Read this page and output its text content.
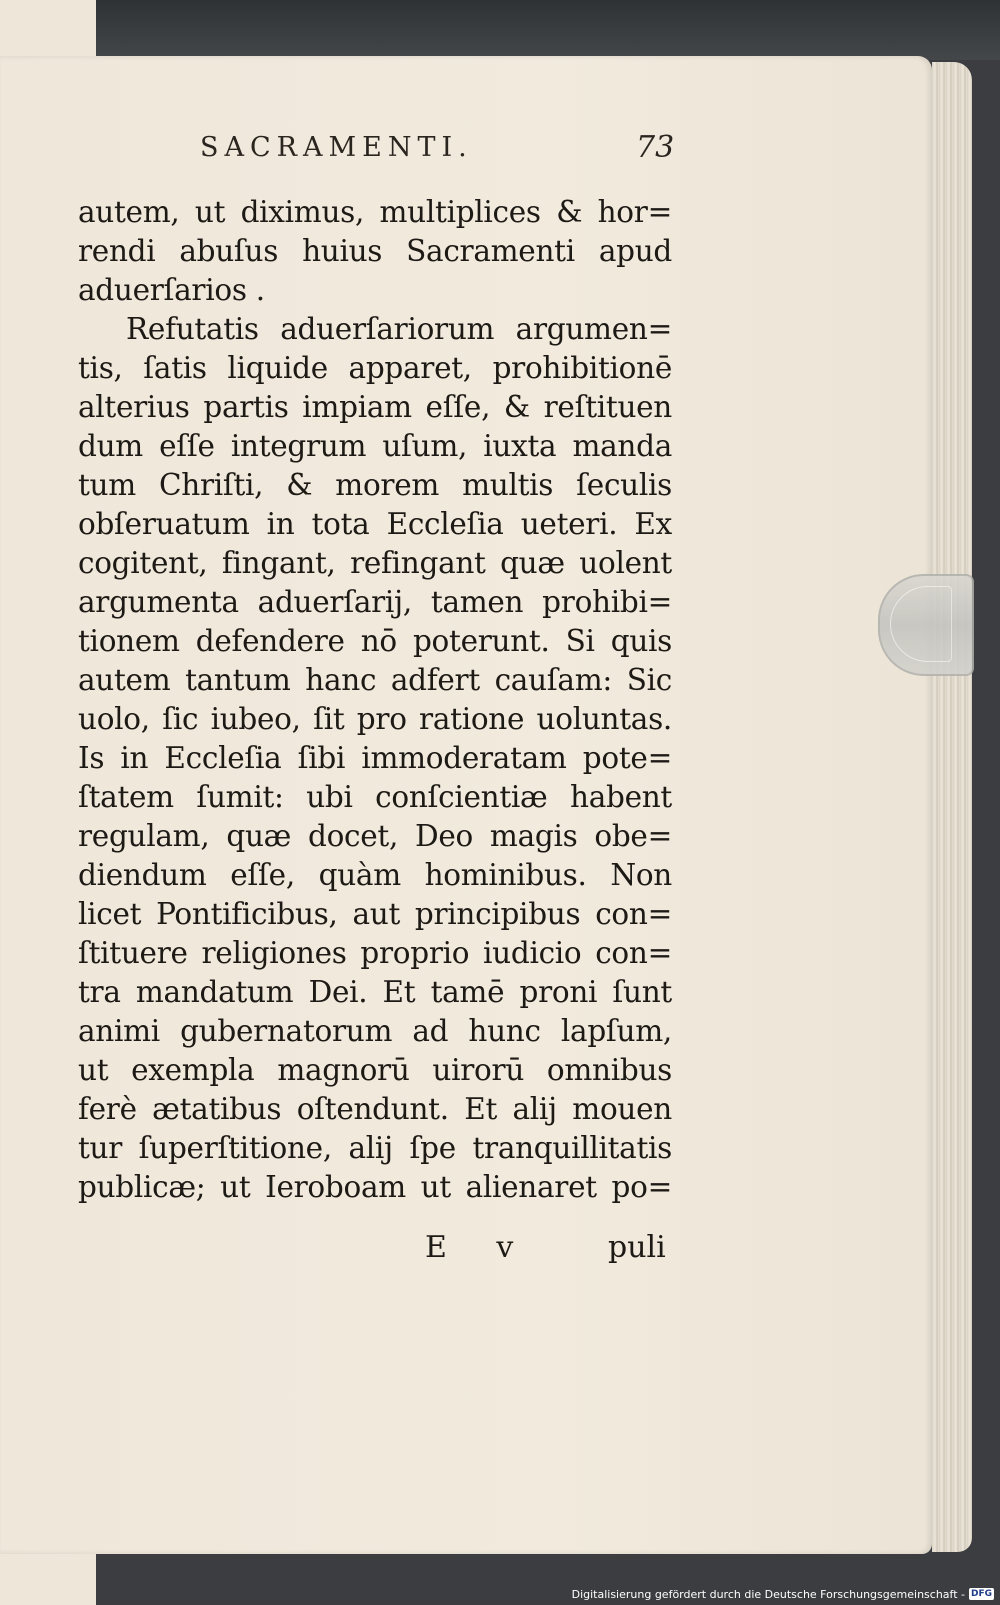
SACRAMENTI.	73
autem, ut diximus, multiplices & hor=
rendi abuſus huius Sacramenti apud
aduerſarios .
Refutatis aduerſariorum argumen=
tis, ſatis liquide apparet, prohibitionē
alterius partis impiam eſſe, & reſtituen
dum eſſe integrum uſum, iuxta manda
tum Chriſti, & morem multis ſeculis
obſeruatum in tota Eccleſia ueteri. Ex
cogitent, fingant, refingant quæ uolent
argumenta aduerſarij, tamen prohibi=
tionem defendere nō poterunt. Si quis
autem tantum hanc adfert cauſam: Sic
uolo, ſic iubeo, ſit pro ratione uoluntas.
Is in Eccleſia ſibi immoderatam pote=
ſtatem ſumit: ubi conſcientiæ habent
regulam, quæ docet, Deo magis obe=
diendum eſſe, quàm hominibus. Non
licet Pontificibus, aut principibus con=
ſtituere religiones proprio iudicio con=
tra mandatum Dei. Et tamē proni ſunt
animi gubernatorum ad hunc lapſum,
ut exempla magnorū uirorū omnibus
ferè ætatibus oſtendunt. Et alij mouen
tur ſuperſtitione, alij ſpe tranquillitatis
publicæ; ut Ieroboam ut alienaret po=
E v puli
Digitalisierung gefördert durch die Deutsche Forschungsgemeinschaft - DFG
